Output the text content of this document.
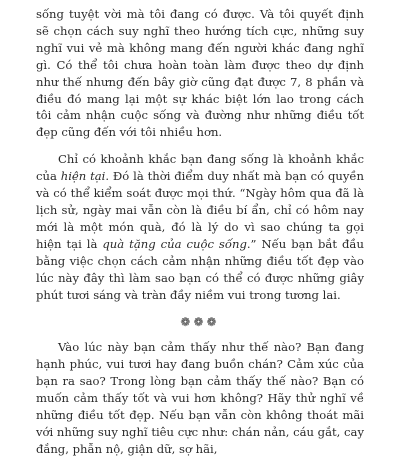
sống tuyệt vời mà tôi đang có được. Và tôi quyết định sẽ chọn cách suy nghĩ theo hướng tích cực, những suy nghĩ vui vẻ mà không mang đến người khác đang nghĩ gì. Có thể tôi chưa hoàn toàn làm được theo dự định như thế nhưng đến bây giờ cũng đạt được 7, 8 phần và điều đó mang lại một sự khác biệt lớn lao trong cách tôi cảm nhận cuộc sống và đường như những điều tốt đẹp cũng đến với tôi nhiều hơn.

Chỉ có khoảnh khắc bạn đang sống là khoảnh khắc của hiện tại. Đó là thời điểm duy nhất mà bạn có quyền và có thể kiểm soát được mọi thứ. “Ngày hôm qua đã là lịch sử, ngày mai vẫn còn là điều bí ẩn, chỉ có hôm nay mới là một món quà, đó là lý do vì sao chúng ta gọi hiện tại là quà tặng của cuộc sống.” Nếu bạn bắt đầu bằng việc chọn cách cảm nhận những điều tốt đẹp vào lúc này đây thì làm sao bạn có thể có được những giây phút tươi sáng và tràn đầy niềm vui trong tương lai.

❁❁❁

Vào lúc này bạn cảm thấy như thế nào? Bạn đang hạnh phúc, vui tươi hay đang buồn chán? Cảm xúc của bạn ra sao? Trong lòng bạn cảm thấy thế nào? Bạn có muốn cảm thấy tốt và vui hơn không? Hãy thử nghĩ về những điều tốt đẹp. Nếu bạn vẫn còn không thoát mãi với những suy nghĩ tiêu cực như: chán nản, cáu gắt, cay đắng, phẫn nộ, giận dữ, sợ hãi,
